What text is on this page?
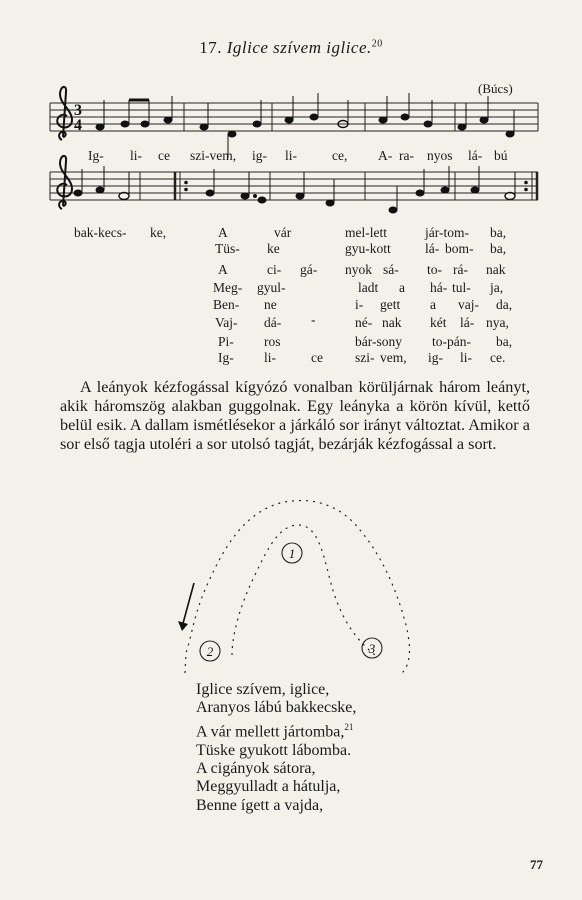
17. Iglice szívem iglice.$^{20}$
(Búcs)
3
4
Ig- li- ce szi-vem, ig- li-	ce, A- ra- nyos lá- bú
bak-kecs- ke,	A	vár	mel-lett	jár-tom- ba,
Tüs- ke	gyu-kott	lá- bom- ba,
A	ci- gá- nyok sá- to- rá- nak
Meg- gyul-	ladt a há- tul- ja,
Ben- ne	i- gett a vaj- da,
Vaj- dá- -	né- nak két lá- nya,
Pi- ros	bár-sony to-pán- ba,
Ig- li-	ce szi- vem, ig- li- ce.

A leányok kézfogással kígyózó vonalban körüljárnak három leányt, akik háromszög alakban guggolnak. Egy leányka a körön kívül, kettő belül esik. A dallam ismétlésekor a járkáló sor irányt változtat. Amikor a sor első tagja utoléri a sor utolsó tagját, bezárják kézfogással a sort.

1
2	3
Iglice szívem, iglice,
Aranyos lábú bakkecske,
A vár mellett jártomba,$^{21}$
Tüske gyukott lábomba.
A cigányok sátora,
Meggyulladt a hátulja,
Benne ígett a vajda,
77
